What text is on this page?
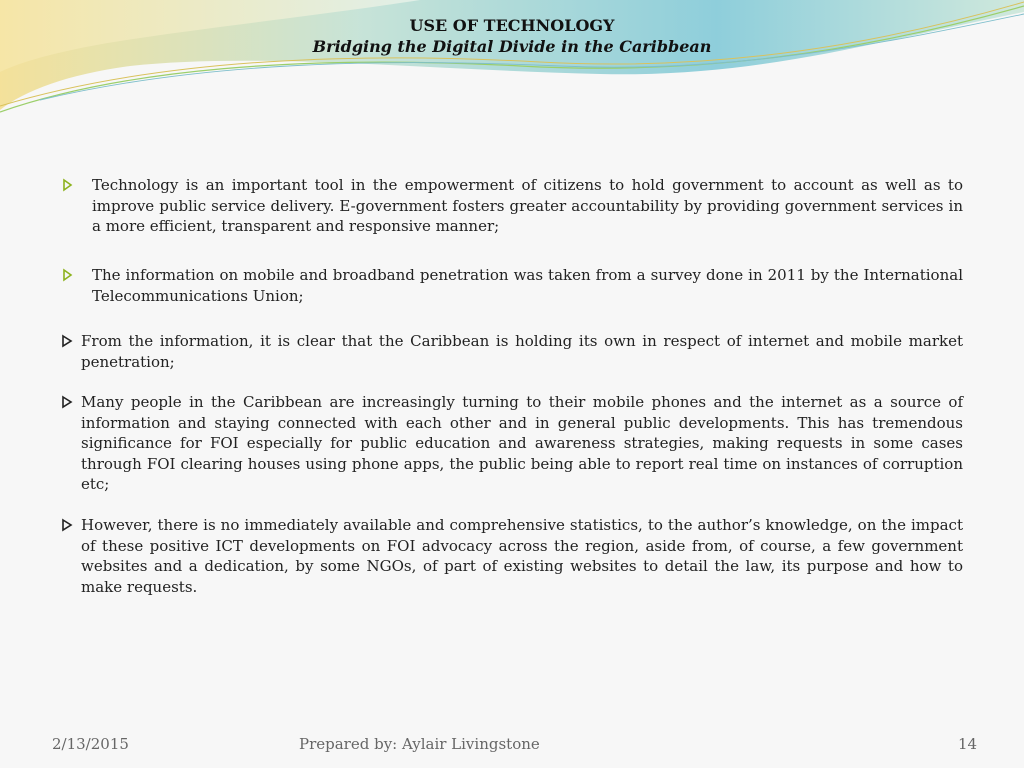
USE OF TECHNOLOGY
Bridging the Digital Divide in the Caribbean
Technology is an important tool in the empowerment of citizens to hold government to account as well as to improve public service delivery. E-government fosters greater accountability by providing government services in a more efficient, transparent and responsive manner;
The information on mobile and broadband penetration was taken from a survey done in 2011 by the International Telecommunications Union;
From the information, it is clear that the Caribbean is holding its own in respect of internet and mobile market penetration;
Many people in the Caribbean are increasingly turning to their mobile phones and the internet as a source of information and staying connected with each other and in general public developments. This has tremendous significance for FOI especially for public education and awareness strategies, making requests in some cases through FOI clearing houses using phone apps, the public being able to report real time on instances of corruption etc;
However, there is no immediately available and comprehensive statistics, to the author’s knowledge, on the impact of these positive ICT developments on FOI advocacy across the region, aside from, of course, a few government websites and a dedication, by some NGOs, of part of existing websites to detail the law, its purpose and how to make requests.
2/13/2015	Prepared by: Aylair Livingstone	14
